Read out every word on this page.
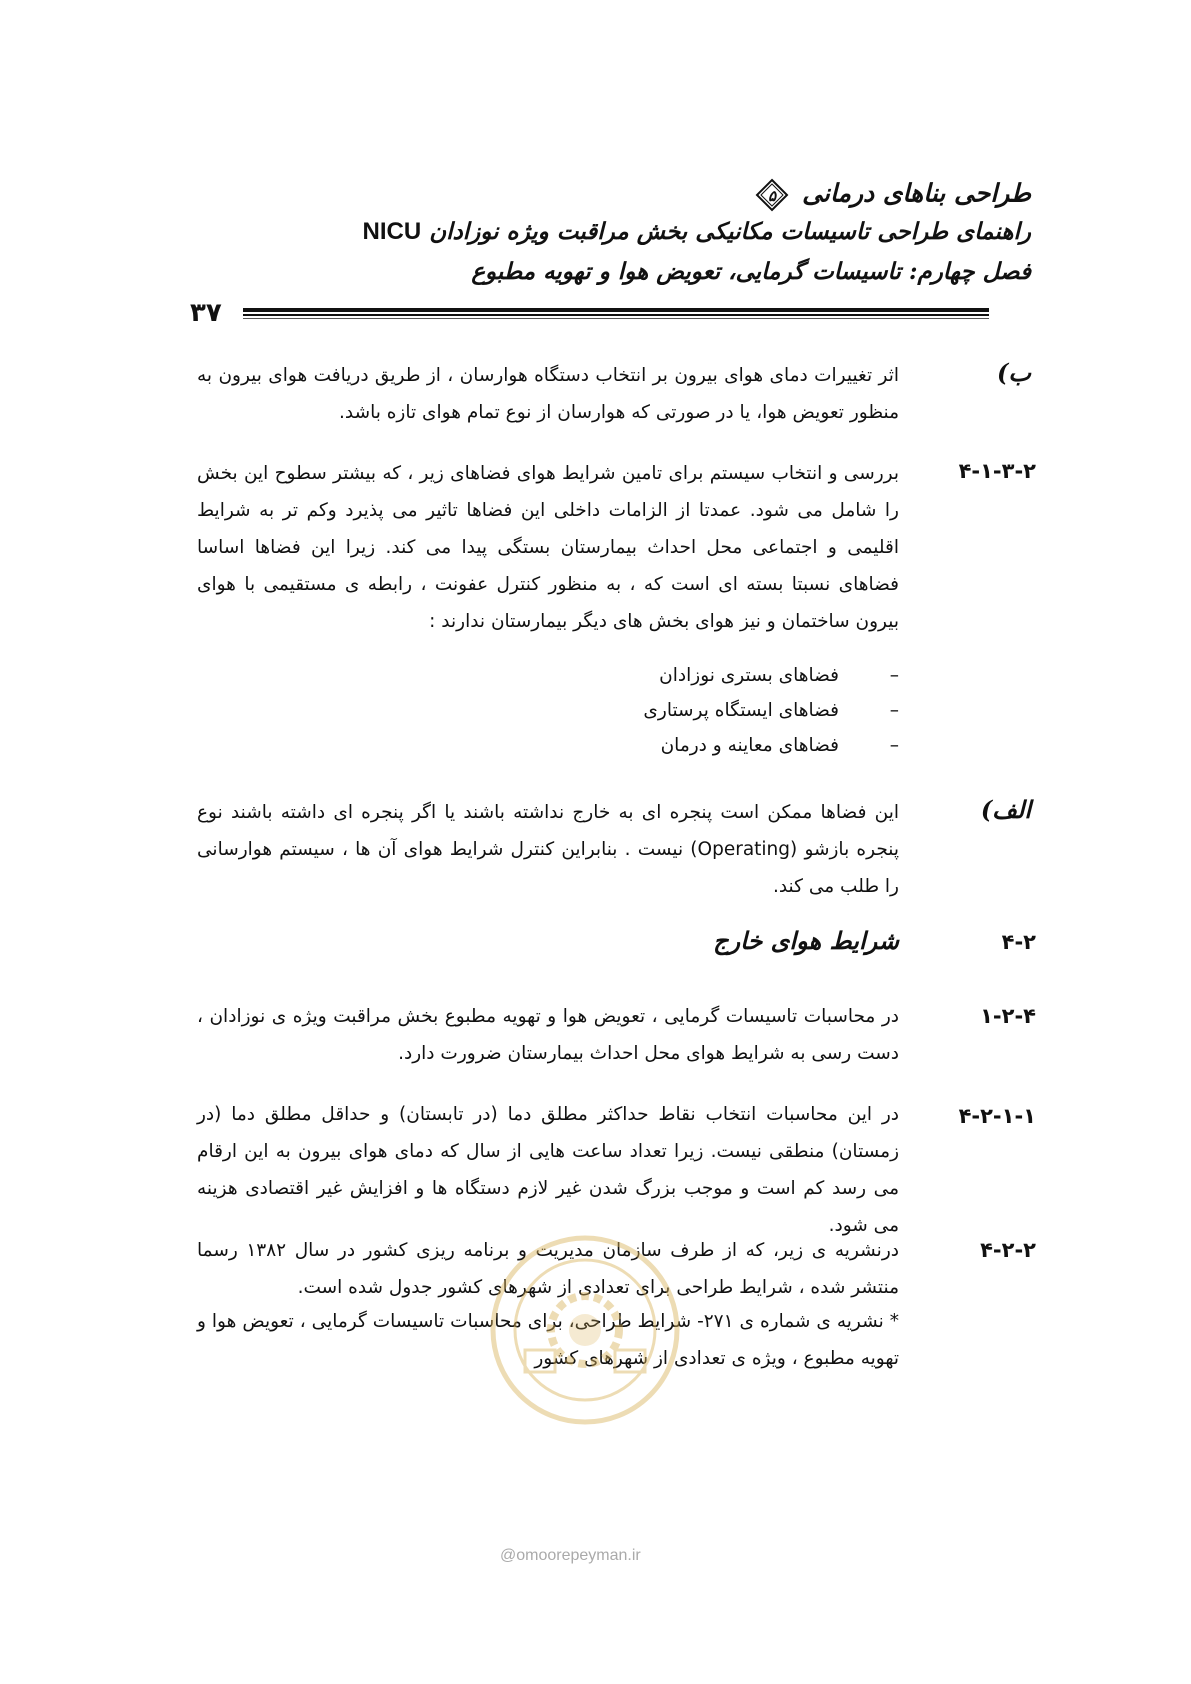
طراحی بناهای درمانی
۵
راهنمای طراحی تاسیسات مکانیکی بخش مراقبت ویژه نوزادان NICU
فصل چهارم: تاسیسات گرمایی، تعویض هوا و تهویه مطبوع
۳۷
ب)
اثر تغییرات دمای هوای بیرون بر انتخاب دستگاه هوارسان ، از طریق دریافت هوای بیرون به منظور تعویض هوا، یا در صورتی که هوارسان از نوع تمام هوای تازه باشد.
۴-۱-۳-۲
بررسی و انتخاب سیستم برای تامین شرایط هوای فضاهای زیر ، که بیشتر سطوح این بخش را شامل می شود. عمدتا از الزامات داخلی این فضاها تاثیر می پذیرد وکم تر به شرایط اقلیمی و اجتماعی محل احداث بیمارستان بستگی پیدا می کند. زیرا این فضاها اساسا فضاهای نسبتا بسته ای است که ، به منظور کنترل عفونت ، رابطه ی مستقیمی با هوای بیرون ساختمان و نیز هوای بخش های دیگر بیمارستان ندارند :
–فضاهای بستری نوزادان
–فضاهای ایستگاه پرستاری
–فضاهای معاینه و درمان
الف)
این فضاها ممکن است پنجره ای به خارج نداشته باشند یا اگر پنجره ای داشته باشند نوع پنجره بازشو (Operating) نیست . بنابراین کنترل شرایط هوای آن ها ، سیستم هوارسانی را طلب می کند.
۴-۲
شرایط هوای خارج
۱-۲-۴
در محاسبات تاسیسات گرمایی ، تعویض هوا و تهویه مطبوع بخش مراقبت ویژه ی نوزادان ، دست رسی به شرایط هوای محل احداث بیمارستان ضرورت دارد.
۴-۲-۱-۱
در این محاسبات انتخاب نقاط حداکثر مطلق دما (در تابستان) و حداقل مطلق دما (در زمستان) منطقی نیست. زیرا تعداد ساعت هایی از سال که دمای هوای بیرون به این ارقام می رسد کم است و موجب بزرگ شدن غیر لازم دستگاه ها و افزایش غیر اقتصادی هزینه می شود.
۴-۲-۲
درنشریه ی زیر، که از طرف سازمان مدیریت و برنامه ریزی کشور در سال ۱۳۸۲ رسما منتشر شده ، شرایط طراحی برای تعدادی از شهرهای کشور جدول شده است.
* نشریه ی شماره ی ۲۷۱- شرایط طراحی، برای محاسبات تاسیسات گرمایی ، تعویض هوا و تهویه مطبوع ، ویژه ی تعدادی از شهرهای کشور
@omoorepeyman.ir
